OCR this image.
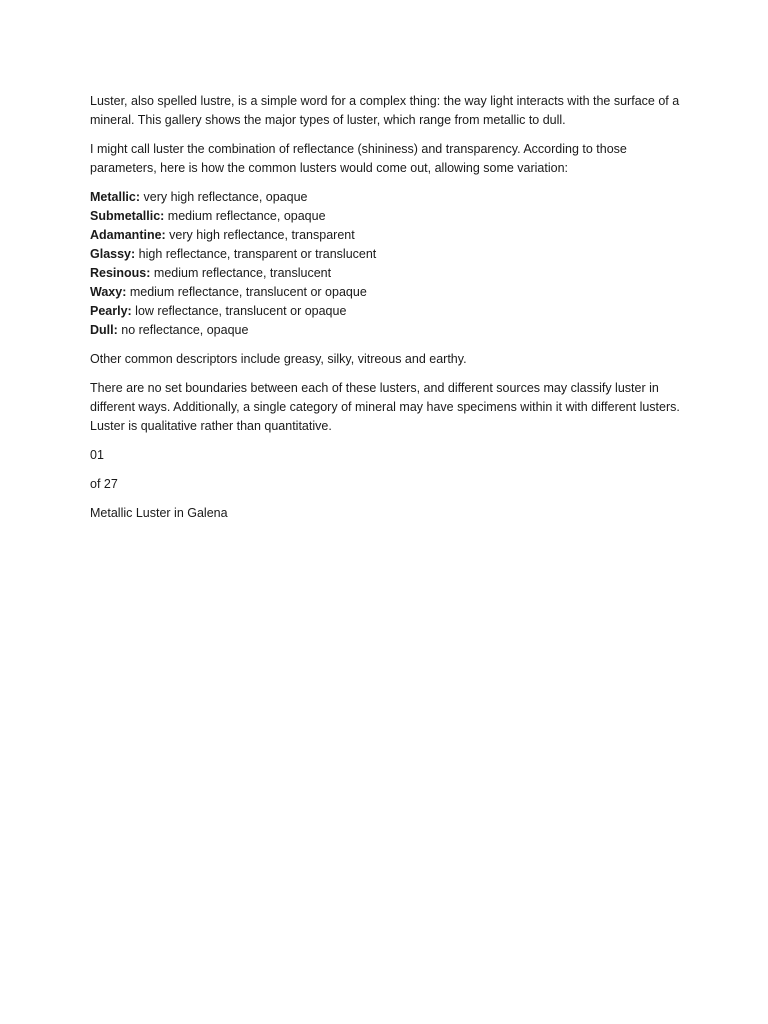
Luster, also spelled lustre, is a simple word for a complex thing: the way light interacts with the surface of a mineral. This gallery shows the major types of luster, which range from metallic to dull.

I might call luster the combination of reflectance (shininess) and transparency. According to those parameters, here is how the common lusters would come out, allowing some variation:

Metallic: very high reflectance, opaque
Submetallic: medium reflectance, opaque
Adamantine: very high reflectance, transparent
Glassy: high reflectance, transparent or translucent
Resinous: medium reflectance, translucent
Waxy: medium reflectance, translucent or opaque
Pearly: low reflectance, translucent or opaque
Dull: no reflectance, opaque

Other common descriptors include greasy, silky, vitreous and earthy.

There are no set boundaries between each of these lusters, and different sources may classify luster in different ways. Additionally, a single category of mineral may have specimens within it with different lusters. Luster is qualitative rather than quantitative.

01

of 27

Metallic Luster in Galena
